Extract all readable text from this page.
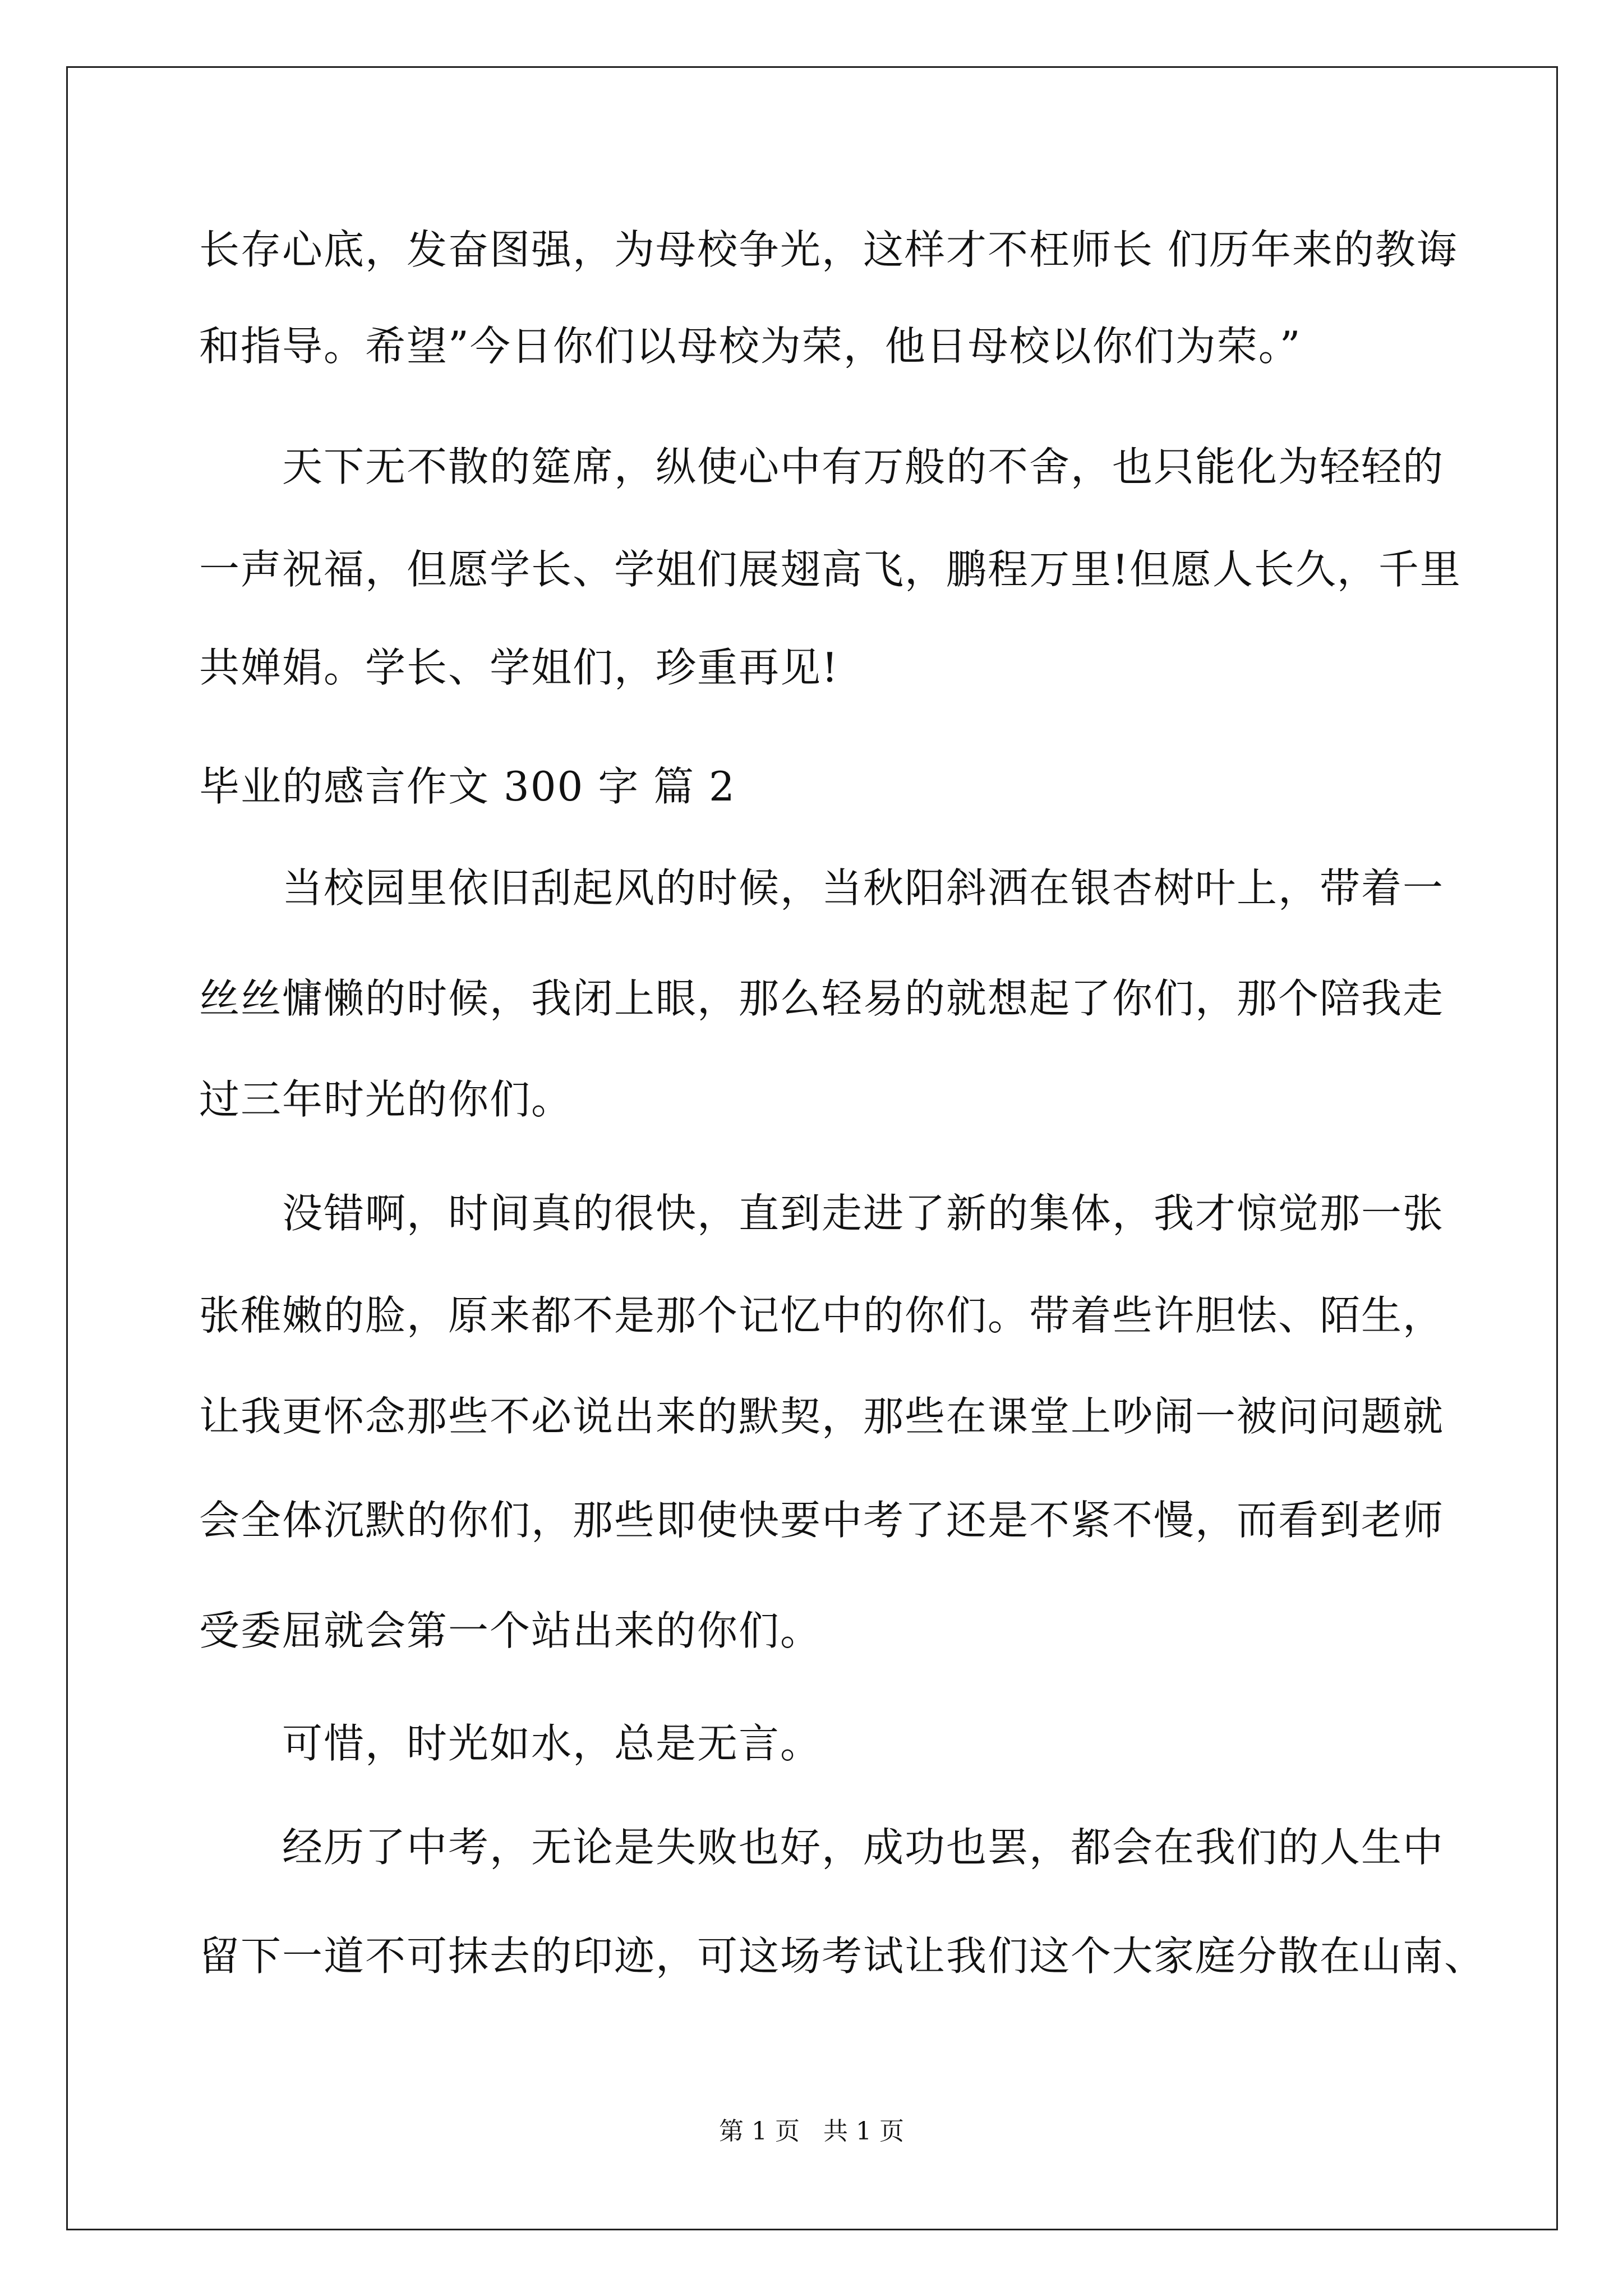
长存心底，发奋图强，为母校争光，这样才不枉师长 们历年来的教诲
和指导。希望”今日你们以母校为荣，他日母校以你们为荣。”
天下无不散的筵席，纵使心中有万般的不舍，也只能化为轻轻的
一声祝福，但愿学长、学姐们展翅高飞，鹏程万里!但愿人长久，千里
共婵娟。学长、学姐们，珍重再见!
毕业的感言作文 300 字 篇 2
当校园里依旧刮起风的时候，当秋阳斜洒在银杏树叶上，带着一
丝丝慵懒的时候，我闭上眼，那么轻易的就想起了你们，那个陪我走
过三年时光的你们。
没错啊，时间真的很快，直到走进了新的集体，我才惊觉那一张
张稚嫩的脸，原来都不是那个记忆中的你们。带着些许胆怯、陌生，
让我更怀念那些不必说出来的默契，那些在课堂上吵闹一被问问题就
会全体沉默的你们，那些即使快要中考了还是不紧不慢，而看到老师
受委屈就会第一个站出来的你们。
可惜，时光如水，总是无言。
经历了中考，无论是失败也好，成功也罢，都会在我们的人生中
留下一道不可抹去的印迹，可这场考试让我们这个大家庭分散在山南、
第 1 页 共 1 页
